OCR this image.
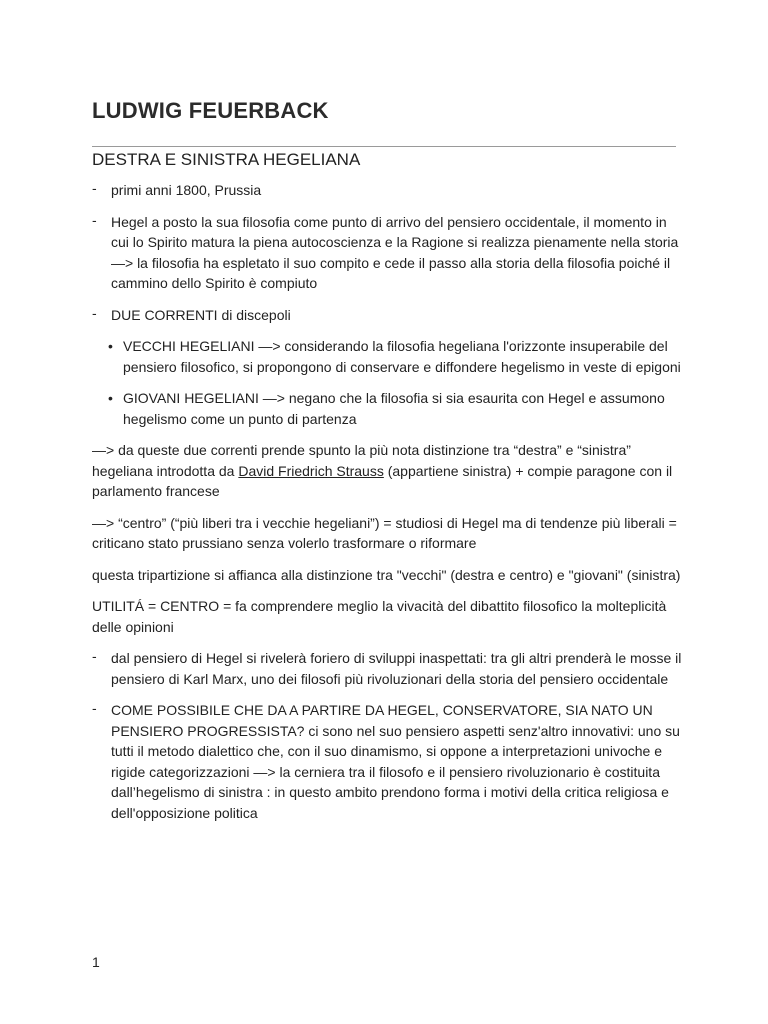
LUDWIG FEUERBACK
DESTRA E SINISTRA HEGELIANA
- primi anni 1800, Prussia
- Hegel a posto la sua filosofia come punto di arrivo del pensiero occidentale, il momento in cui lo Spirito matura la piena autocoscienza e la Ragione si realizza pienamente nella storia —> la filosofia ha espletato il suo compito e cede il passo alla storia della filosofia poiché il cammino dello Spirito è compiuto
- DUE CORRENTI di discepoli
• VECCHI HEGELIANI —> considerando la filosofia hegeliana l'orizzonte insuperabile del pensiero filosofico, si propongono di conservare e diffondere hegelismo in veste di epigoni
• GIOVANI HEGELIANI —> negano che la filosofia si sia esaurita con Hegel e assumono hegelismo come un punto di partenza

—> da queste due correnti prende spunto la più nota distinzione tra “destra” e “sinistra” hegeliana introdotta da David Friedrich Strauss (appartiene sinistra) + compie paragone con il parlamento francese

—> “centro” (“più liberi tra i vecchie hegeliani”) = studiosi di Hegel ma di tendenze più liberali = criticano stato prussiano senza volerlo trasformare o riformare

questa tripartizione si affianca alla distinzione tra "vecchi" (destra e centro) e "giovani" (sinistra)

UTILITÁ = CENTRO = fa comprendere meglio la vivacità del dibattito filosofico la molteplicità delle opinioni

- dal pensiero di Hegel si rivelerà foriero di sviluppi inaspettati: tra gli altri prenderà le mosse il pensiero di Karl Marx, uno dei filosofi più rivoluzionari della storia del pensiero occidentale
- COME POSSIBILE CHE DA A PARTIRE DA HEGEL, CONSERVATORE, SIA NATO UN PENSIERO PROGRESSISTA? ci sono nel suo pensiero aspetti senz'altro innovativi: uno su tutti il metodo dialettico che, con il suo dinamismo, si oppone a interpretazioni univoche e rigide categorizzazioni —> la cerniera tra il filosofo e il pensiero rivoluzionario è costituita dall’hegelismo di sinistra : in questo ambito prendono forma i motivi della critica religiosa e dell'opposizione politica
1
